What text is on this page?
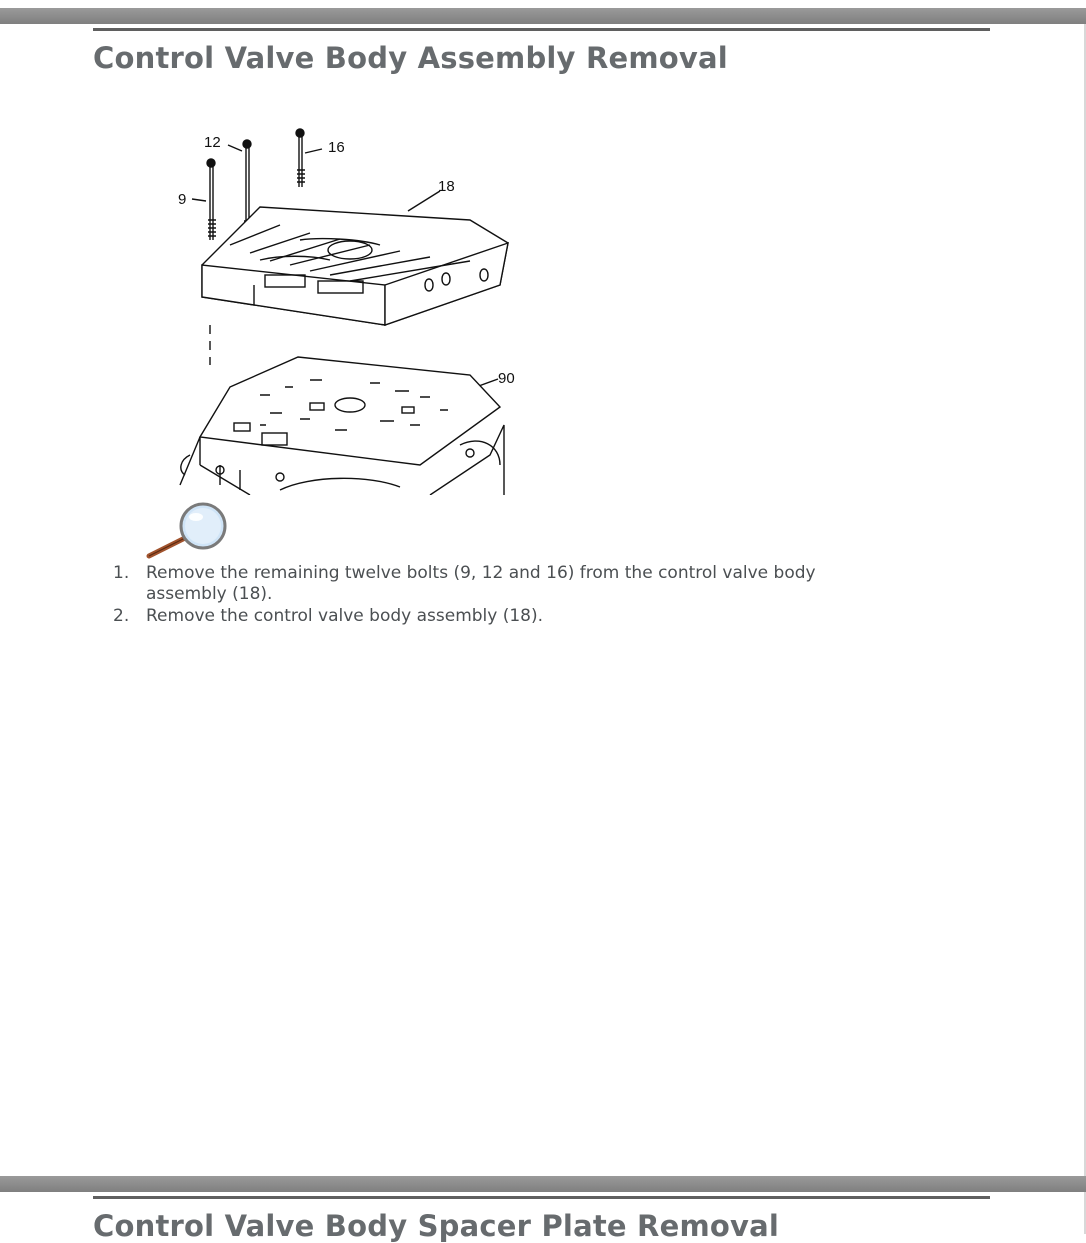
Control Valve Body Assembly Removal
12	16
9
18
90
1. Remove the remaining twelve bolts (9, 12 and 16) from the control valve body assembly (18).
2. Remove the control valve body assembly (18).
Control Valve Body Spacer Plate Removal
